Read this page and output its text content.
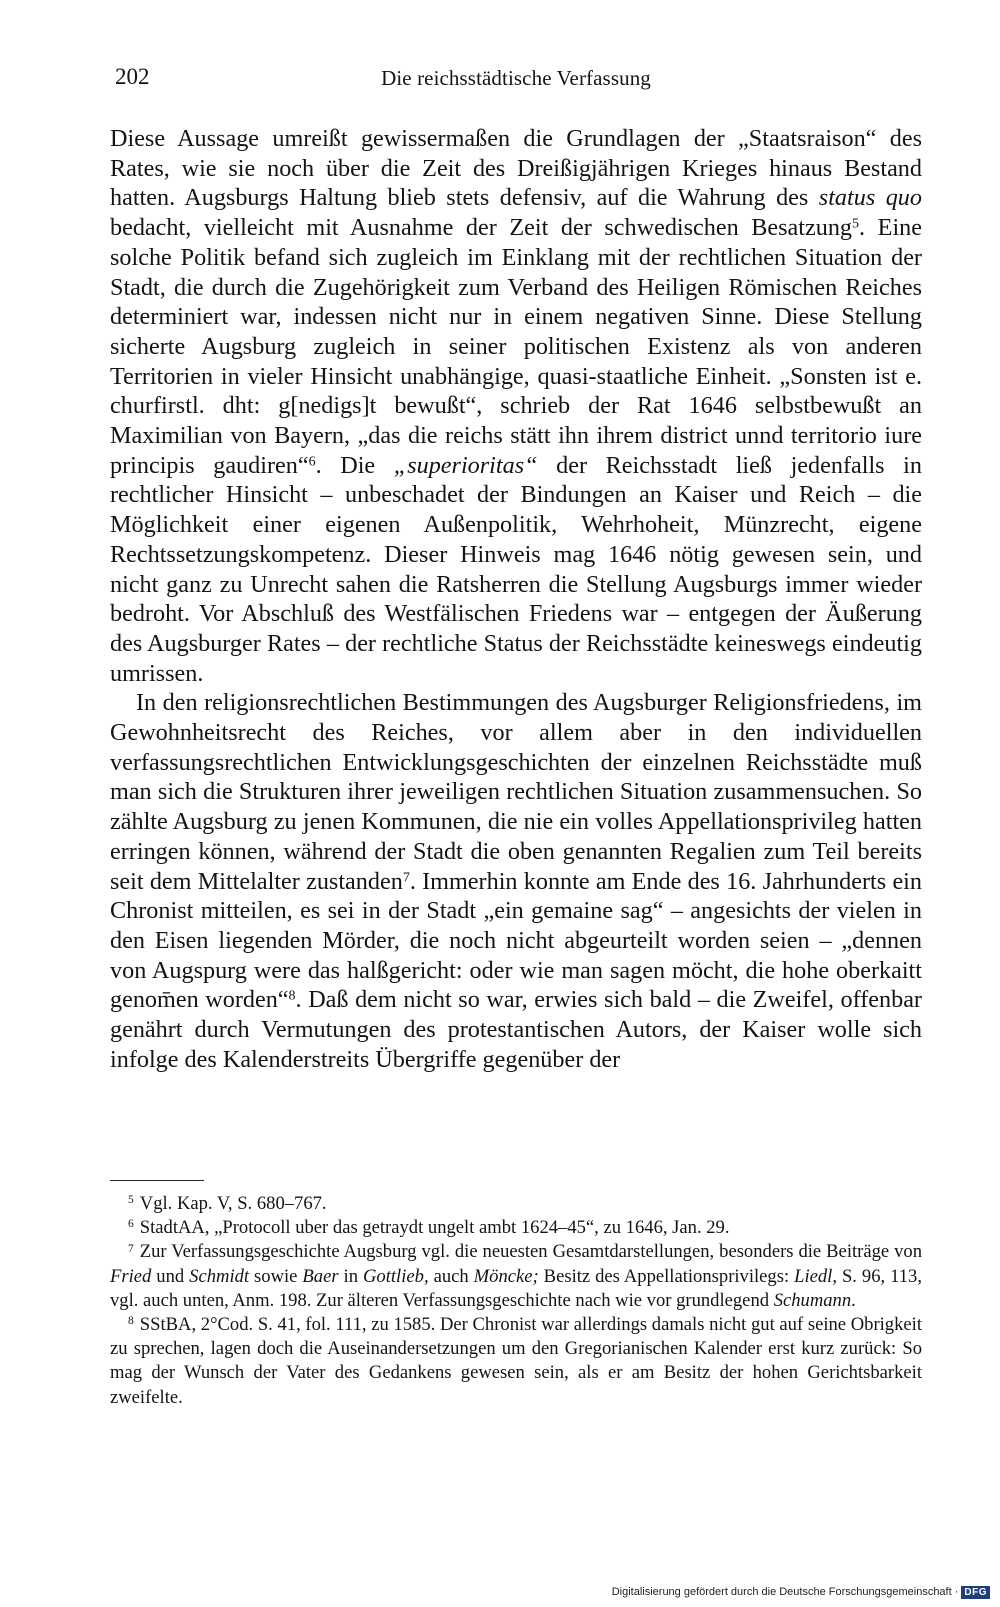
202	Die reichsstädtische Verfassung

Diese Aussage umreißt gewissermaßen die Grundlagen der „Staatsraison“ des Rates, wie sie noch über die Zeit des Dreißigjährigen Krieges hinaus Bestand hatten. Augsburgs Haltung blieb stets defensiv, auf die Wahrung des status quo bedacht, vielleicht mit Ausnahme der Zeit der schwedischen Besatzung$^5$. Eine solche Politik befand sich zugleich im Einklang mit der rechtlichen Situation der Stadt, die durch die Zugehörigkeit zum Verband des Heiligen Römischen Reiches determiniert war, indessen nicht nur in einem negativen Sinne. Diese Stellung sicherte Augsburg zugleich in seiner politischen Existenz als von anderen Territorien in vieler Hinsicht unabhängige, quasi-staatliche Einheit. „Sonsten ist e. churfirstl. dht: g[nedigs]t bewußt“, schrieb der Rat 1646 selbstbewußt an Maximilian von Bayern, „das die reichs stätt ihn ihrem district unnd territorio iure principis gaudiren“$^6$. Die „superioritas“ der Reichsstadt ließ jedenfalls in rechtlicher Hinsicht – unbeschadet der Bindungen an Kaiser und Reich – die Möglichkeit einer eigenen Außenpolitik, Wehrhoheit, Münzrecht, eigene Rechtssetzungskompetenz. Dieser Hinweis mag 1646 nötig gewesen sein, und nicht ganz zu Unrecht sahen die Ratsherren die Stellung Augsburgs immer wieder bedroht. Vor Abschluß des Westfälischen Friedens war – entgegen der Äußerung des Augsburger Rates – der rechtliche Status der Reichsstädte keineswegs eindeutig umrissen.

In den religionsrechtlichen Bestimmungen des Augsburger Religionsfriedens, im Gewohnheitsrecht des Reiches, vor allem aber in den individuellen verfassungsrechtlichen Entwicklungsgeschichten der einzelnen Reichsstädte muß man sich die Strukturen ihrer jeweiligen rechtlichen Situation zusammensuchen. So zählte Augsburg zu jenen Kommunen, die nie ein volles Appellationsprivileg hatten erringen können, während der Stadt die oben genannten Regalien zum Teil bereits seit dem Mittelalter zustanden$^7$. Immerhin konnte am Ende des 16. Jahrhunderts ein Chronist mitteilen, es sei in der Stadt „ein gemaine sag“ – angesichts der vielen in den Eisen liegenden Mörder, die noch nicht abgeurteilt worden seien – „dennen von Augspurg were das halßgericht: oder wie man sagen möcht, die hohe oberkaitt genom̄en worden“$^8$. Daß dem nicht so war, erwies sich bald – die Zweifel, offenbar genährt durch Vermutungen des protestantischen Autors, der Kaiser wolle sich infolge des Kalenderstreits Übergriffe gegenüber der

$^5$ Vgl. Kap. V, S. 680–767.

$^6$ StadtAA, „Protocoll uber das getraydt ungelt ambt 1624–45“, zu 1646, Jan. 29.

$^7$ Zur Verfassungsgeschichte Augsburg vgl. die neuesten Gesamtdarstellungen, besonders die Beiträge von Fried und Schmidt sowie Baer in Gottlieb, auch Möncke; Besitz des Appellationsprivilegs: Liedl, S. 96, 113, vgl. auch unten, Anm. 198. Zur älteren Verfassungsgeschichte nach wie vor grundlegend Schumann.

$^8$ SStBA, 2°Cod. S. 41, fol. 111, zu 1585. Der Chronist war allerdings damals nicht gut auf seine Obrigkeit zu sprechen, lagen doch die Auseinandersetzungen um den Gregorianischen Kalender erst kurz zurück: So mag der Wunsch der Vater des Gedankens gewesen sein, als er am Besitz der hohen Gerichtsbarkeit zweifelte.

Digitalisierung gefördert durch die Deutsche Forschungsgemeinschaft · DFG
